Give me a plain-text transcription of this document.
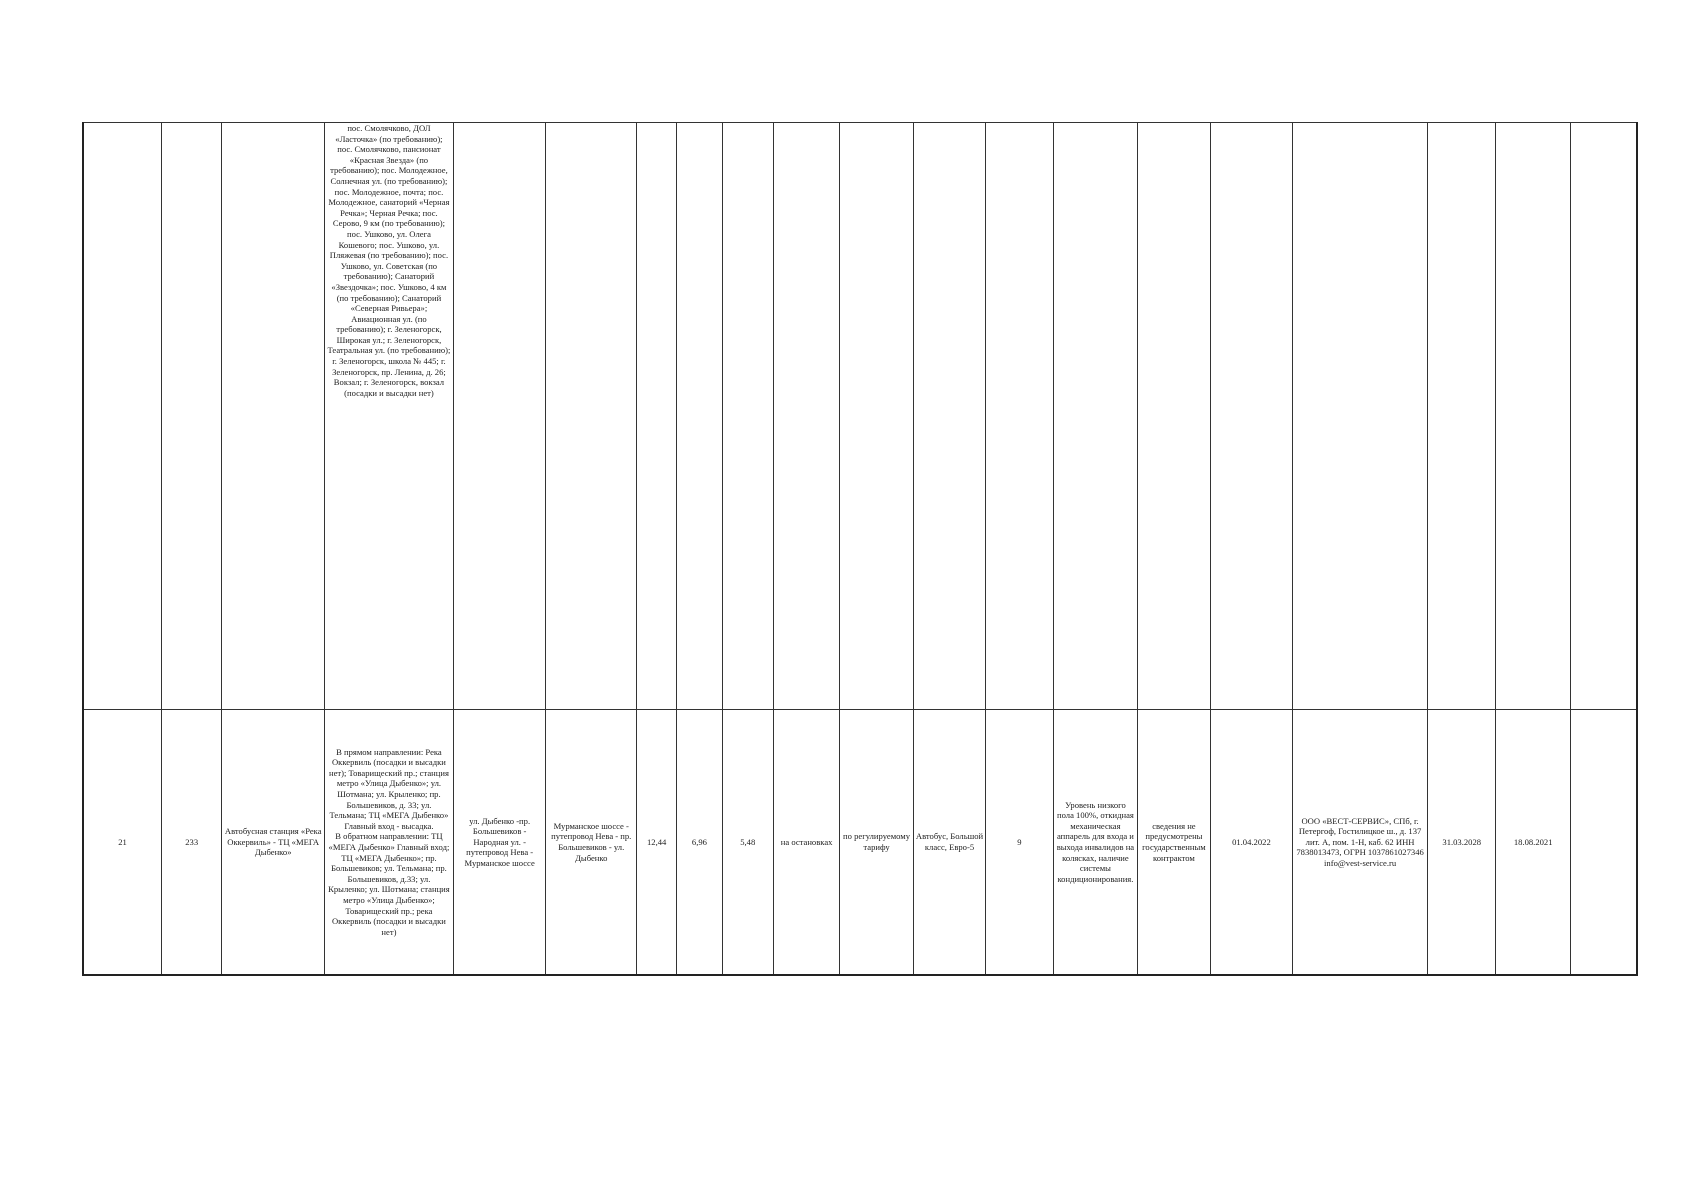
			пос. Смолячково, ДОЛ «Ласточка» (по требованию); пос. Смолячково, пансионат «Красная Звезда» (по требованию); пос. Молодежное, Солнечная ул. (по требованию); пос. Молодежное, почта; пос. Молодежное, санаторий «Черная Речка»; Черная Речка; пос. Серово, 9 км (по требованию); пос. Ушково, ул. Олега Кошевого; пос. Ушково, ул. Пляжевая (по требованию); пос. Ушково, ул. Советская (по требованию); Санаторий «Звездочка»; пос. Ушково, 4 км (по требованию); Санаторий «Северная Ривьера»; Авиационная ул. (по требованию); г. Зеленогорск, Широкая ул.; г. Зеленогорск, Театральная ул. (по требованию); г. Зеленогорск, школа № 445; г. Зеленогорск, пр. Ленина, д. 26; Вокзал; г. Зеленогорск, вокзал (посадки и высадки нет)																
21	233	Автобусная станция «Река Оккервиль» - ТЦ «МЕГА Дыбенко»	В прямом направлении: Река Оккервиль (посадки и высадки нет); Товарищеский пр.; станция метро «Улица Дыбенко»; ул. Шотмана; ул. Крыленко; пр. Большевиков, д. 33; ул. Тельмана; ТЦ «МЕГА Дыбенко» Главный вход - высадка.
В обратном направлении: ТЦ «МЕГА Дыбенко» Главный вход; ТЦ «МЕГА Дыбенко»; пр. Большевиков; ул. Тельмана; пр. Большевиков, д.33; ул. Крыленко; ул. Шотмана; станция метро «Улица Дыбенко»; Товарищеский пр.; река Оккервиль (посадки и высадки нет)	ул. Дыбенко -пр. Большевиков - Народная ул. - путепровод Нева - Мурманское шоссе	Мурманское шоссе - путепровод Нева - пр. Большевиков - ул. Дыбенко	12,44	6,96	5,48	на остановках	по регулируемому тарифу	Автобус, Большой класс, Евро-5	9	Уровень низкого пола 100%, откидная механическая аппарель для входа и выхода инвалидов на колясках, наличие системы кондиционирования.	сведения не предусмотрены государственным контрактом	01.04.2022	ООО «ВЕСТ-СЕРВИС», СПб, г. Петергоф, Гостилицкое ш., д. 137 лит. А, пом. 1-Н, каб. 62 ИНН 7838013473, ОГРН 1037861027346 info@vest-service.ru	31.03.2028	18.08.2021	
